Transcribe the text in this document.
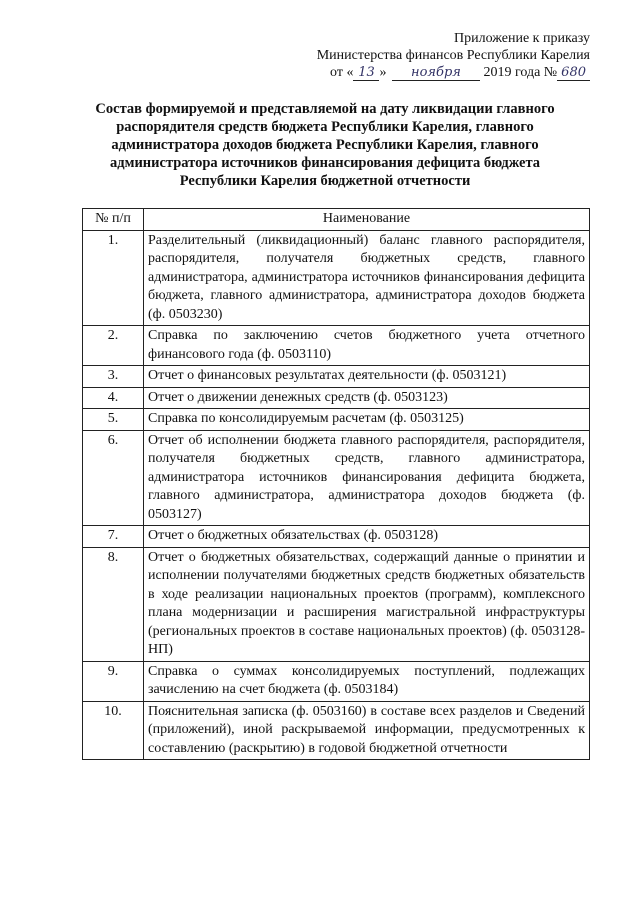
Приложение к приказу
Министерства финансов Республики Карелия
от « 13 » ноября 2019 года № 680
Состав формируемой и представляемой на дату ликвидации главного распорядителя средств бюджета Республики Карелия, главного администратора доходов бюджета Республики Карелия, главного администратора источников финансирования дефицита бюджета Республики Карелия бюджетной отчетности
№ п/п	Наименование
1.	Разделительный (ликвидационный) баланс главного распорядителя, распорядителя, получателя бюджетных средств, главного администратора, администратора источников финансирования дефицита бюджета, главного администратора, администратора доходов бюджета (ф. 0503230)
2.	Справка по заключению счетов бюджетного учета отчетного финансового года (ф. 0503110)
3.	Отчет о финансовых результатах деятельности (ф. 0503121)
4.	Отчет о движении денежных средств (ф. 0503123)
5.	Справка по консолидируемым расчетам (ф. 0503125)
6.	Отчет об исполнении бюджета главного распорядителя, распорядителя, получателя бюджетных средств, главного администратора, администратора источников финансирования дефицита бюджета, главного администратора, администратора доходов бюджета (ф. 0503127)
7.	Отчет о бюджетных обязательствах (ф. 0503128)
8.	Отчет о бюджетных обязательствах, содержащий данные о принятии и исполнении получателями бюджетных средств бюджетных обязательств в ходе реализации национальных проектов (программ), комплексного плана модернизации и расширения магистральной инфраструктуры (региональных проектов в составе национальных проектов) (ф. 0503128-НП)
9.	Справка о суммах консолидируемых поступлений, подлежащих зачислению на счет бюджета (ф. 0503184)
10.	Пояснительная записка (ф. 0503160) в составе всех разделов и Сведений (приложений), иной раскрываемой информации, предусмотренных к составлению (раскрытию) в годовой бюджетной отчетности
